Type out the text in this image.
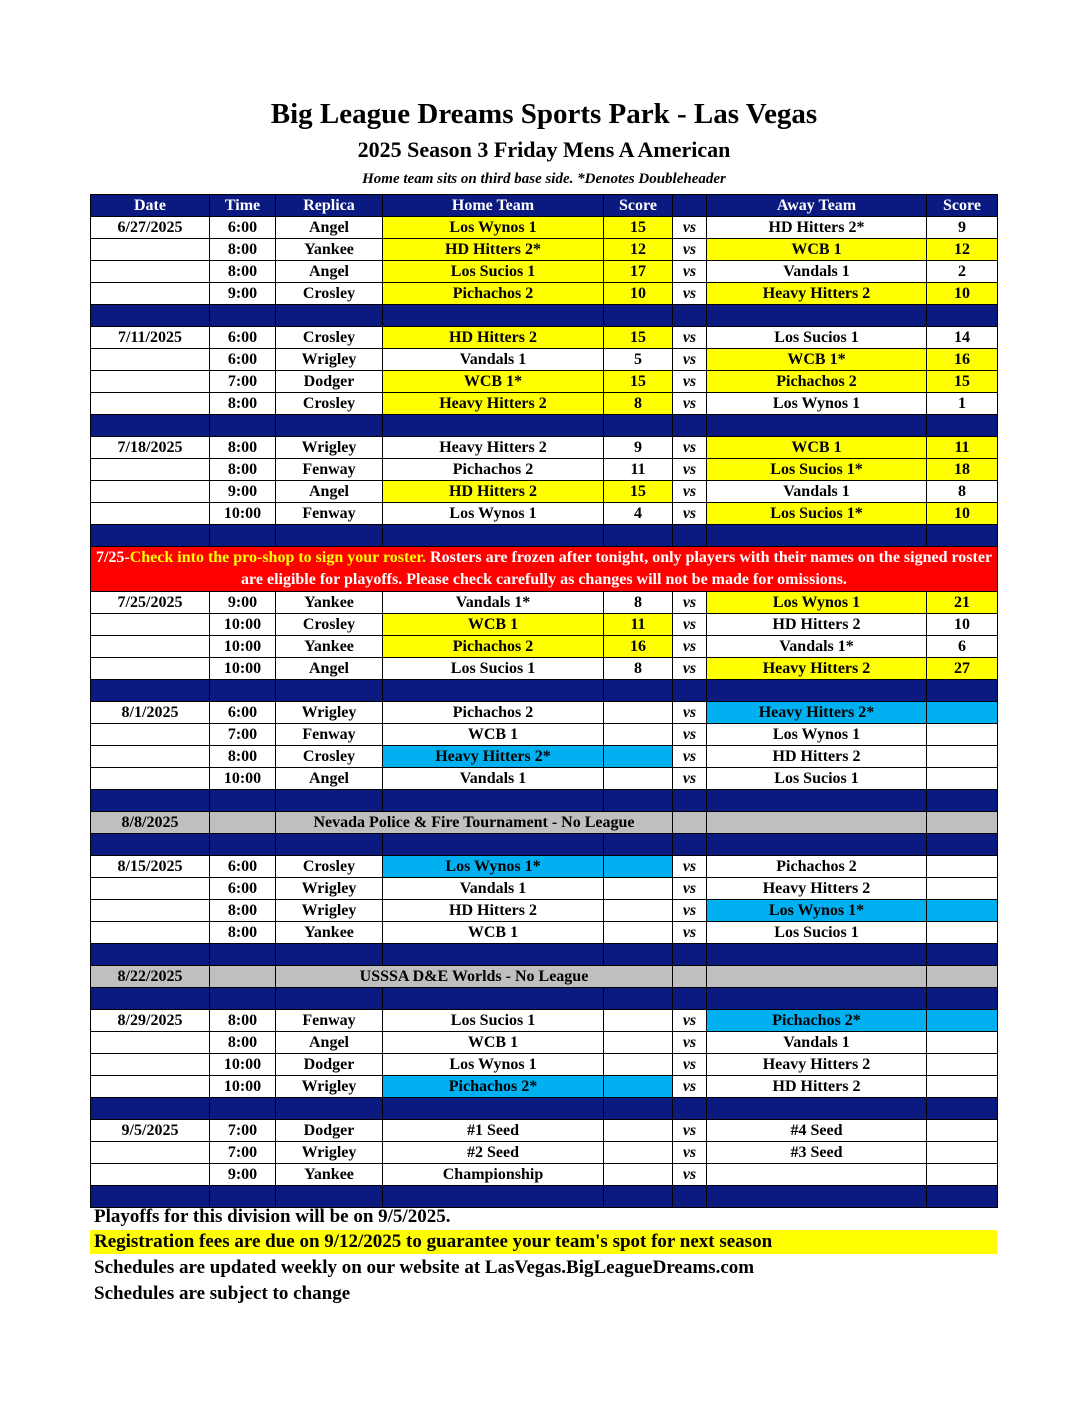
Big League Dreams Sports Park - Las Vegas
2025 Season 3 Friday Mens A American
Home team sits on third base side. *Denotes Doubleheader
Date	Time	Replica	Home Team	Score		Away Team	Score
6/27/2025	6:00	Angel	Los Wynos 1	15	vs	HD Hitters 2*	9
	8:00	Yankee	HD Hitters 2*	12	vs	WCB 1	12
	8:00	Angel	Los Sucios 1	17	vs	Vandals 1	2
	9:00	Crosley	Pichachos 2	10	vs	Heavy Hitters 2	10

7/11/2025	6:00	Crosley	HD Hitters 2	15	vs	Los Sucios 1	14
	6:00	Wrigley	Vandals 1	5	vs	WCB 1*	16
	7:00	Dodger	WCB 1*	15	vs	Pichachos 2	15
	8:00	Crosley	Heavy Hitters 2	8	vs	Los Wynos 1	1

7/18/2025	8:00	Wrigley	Heavy Hitters 2	9	vs	WCB 1	11
	8:00	Fenway	Pichachos 2	11	vs	Los Sucios 1*	18
	9:00	Angel	HD Hitters 2	15	vs	Vandals 1	8
	10:00	Fenway	Los Wynos 1	4	vs	Los Sucios 1*	10

7/25-Check into the pro-shop to sign your roster. Rosters are frozen after tonight, only players with their names on the signed roster are eligible for playoffs. Please check carefully as changes will not be made for omissions.							
7/25/2025	9:00	Yankee	Vandals 1*	8	vs	Los Wynos 1	21
	10:00	Crosley	WCB 1	11	vs	HD Hitters 2	10
	10:00	Yankee	Pichachos 2	16	vs	Vandals 1*	6
	10:00	Angel	Los Sucios 1	8	vs	Heavy Hitters 2	27

8/1/2025	6:00	Wrigley	Pichachos 2		vs	Heavy Hitters 2*	
	7:00	Fenway	WCB 1		vs	Los Wynos 1	
	8:00	Crosley	Heavy Hitters 2*		vs	HD Hitters 2	
	10:00	Angel	Vandals 1		vs	Los Sucios 1	

8/8/2025		Nevada Police & Fire Tournament - No League					

8/15/2025	6:00	Crosley	Los Wynos 1*		vs	Pichachos 2	
	6:00	Wrigley	Vandals 1		vs	Heavy Hitters 2	
	8:00	Wrigley	HD Hitters 2		vs	Los Wynos 1*	
	8:00	Yankee	WCB 1		vs	Los Sucios 1	

8/22/2025		USSSA D&E Worlds - No League					

8/29/2025	8:00	Fenway	Los Sucios 1		vs	Pichachos 2*	
	8:00	Angel	WCB 1		vs	Vandals 1	
	10:00	Dodger	Los Wynos 1		vs	Heavy Hitters 2	
	10:00	Wrigley	Pichachos 2*		vs	HD Hitters 2	

9/5/2025	7:00	Dodger	#1 Seed		vs	#4 Seed	
	7:00	Wrigley	#2 Seed		vs	#3 Seed	
	9:00	Yankee	Championship		vs		

Playoffs for this division will be on 9/5/2025.
Registration fees are due on 9/12/2025 to guarantee your team's spot for next season
Schedules are updated weekly on our website at LasVegas.BigLeagueDreams.com
Schedules are subject to change
